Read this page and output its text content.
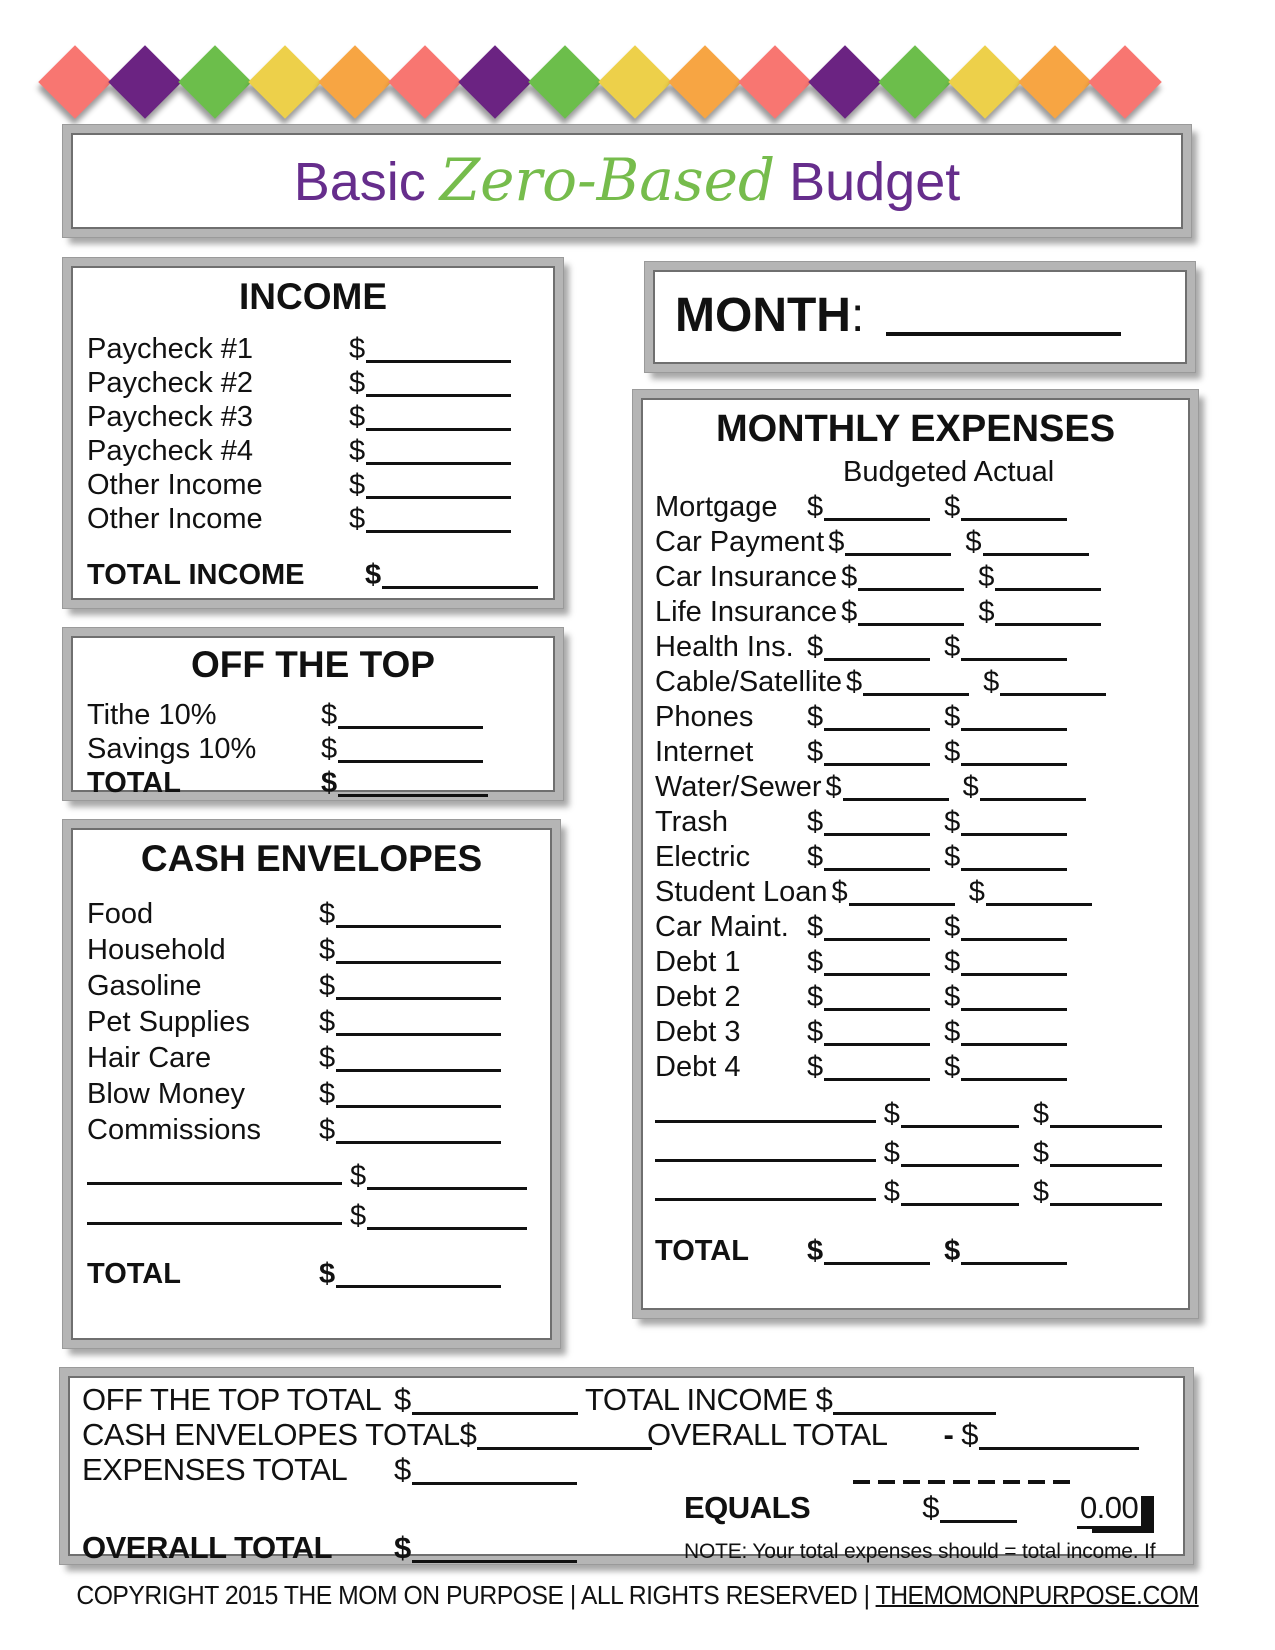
Basic Zero-Based Budget
INCOME
Paycheck #1	$
Paycheck #2	$
Paycheck #3	$
Paycheck #4	$
Other Income	$
Other Income	$
TOTAL INCOME	$
MONTH:
MONTHLY EXPENSES
Budgeted Actual
Mortgage	$	$
Car Payment $	$
Car Insurance $	$
Life Insurance $	$
Health Ins. $	$
Cable/Satellite $	$
Phones	$	$
Internet	$	$
Water/Sewer $	$
Trash	$	$
Electric	$	$
Student Loan $	$
Car Maint. $	$
Debt 1	$	$
Debt 2	$	$
Debt 3	$	$
Debt 4	$	$
$	$
$	$
$	$
TOTAL	$	$
OFF THE TOP
Tithe 10%	$
Savings 10%	$
TOTAL	$
CASH ENVELOPES
Food	$
Household	$
Gasoline	$
Pet Supplies	$
Hair Care	$
Blow Money	$
Commissions	$
$
$
TOTAL	$
OFF THE TOP TOTAL $	TOTAL INCOME $
CASH ENVELOPES TOTAL$	OVERALL TOTAL - $
EXPENSES TOTAL $
EQUALS	$	0.00
OVERALL TOTAL $	NOTE: Your total expenses should = total income. If
COPYRIGHT 2015 THE MOM ON PURPOSE | ALL RIGHTS RESERVED | THEMOMONPURPOSE.COM
